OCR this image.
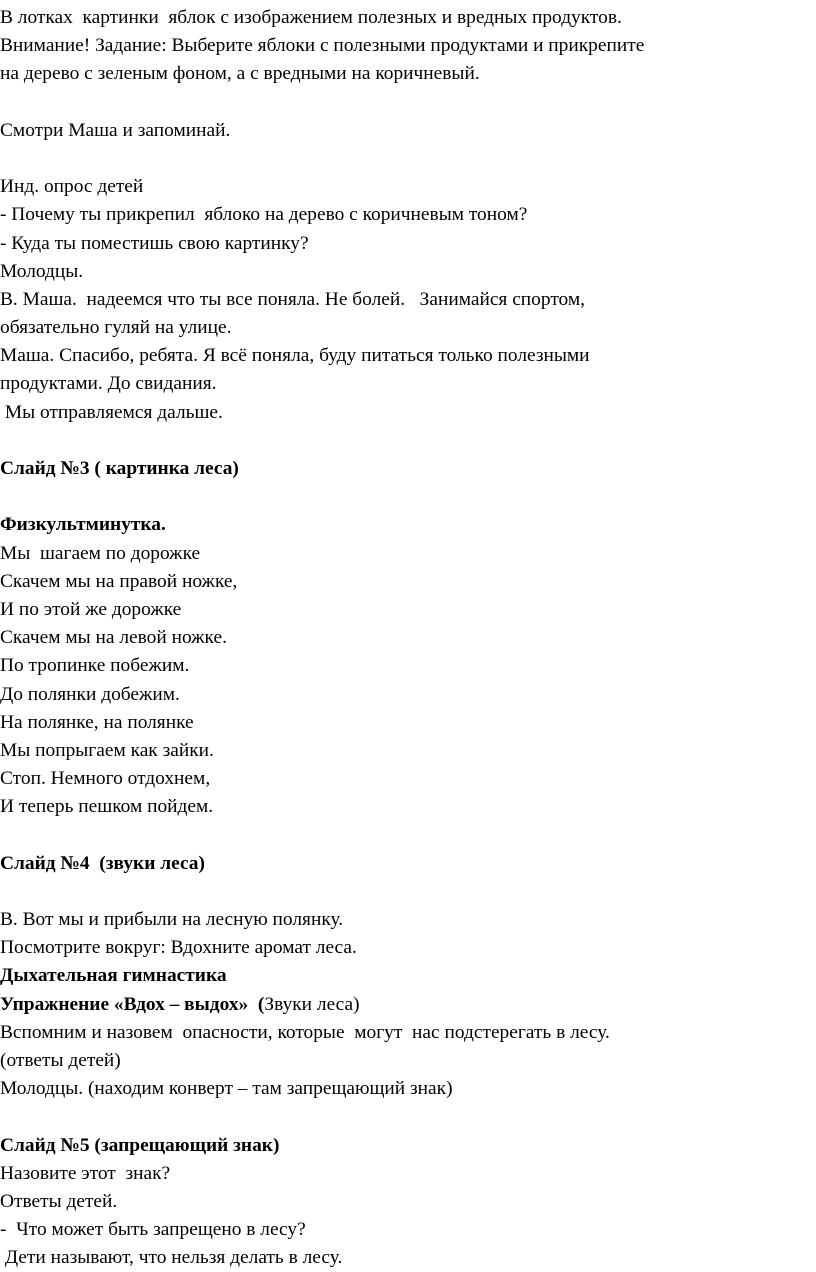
В лотках  картинки  яблок с изображением полезных и вредных продуктов.

Внимание! Задание: Выберите яблоки с полезными продуктами и прикрепите

на дерево с зеленым фоном, а с вредными на коричневый.

Смотри Маша и запоминай.

Инд. опрос детей

- Почему ты прикрепил  яблоко на дерево с коричневым тоном?

- Куда ты поместишь свою картинку?

Молодцы.

В. Маша.  надеемся что ты все поняла. Не болей.   Занимайся спортом,

обязательно гуляй на улице.

Маша. Спасибо, ребята. Я всё поняла, буду питаться только полезными

продуктами. До свидания.

Мы отправляемся дальше.

Слайд №3 ( картинка леса)

Физкультминутка.

Мы  шагаем по дорожке

Скачем мы на правой ножке,

И по этой же дорожке

Скачем мы на левой ножке.

По тропинке побежим.

До полянки добежим.

На полянке, на полянке

Мы попрыгаем как зайки.

Стоп. Немного отдохнем,

И теперь пешком пойдем.

Слайд №4  (звуки леса)

В. Вот мы и прибыли на лесную полянку.

Посмотрите вокруг: Вдохните аромат леса.

Дыхательная гимнастика

Упражнение «Вдох – выдох»  (Звуки леса)

Вспомним и назовем  опасности, которые  могут  нас подстерегать в лесу.

(ответы детей)

Молодцы. (находим конверт – там запрещающий знак)

Слайд №5 (запрещающий знак)

Назовите этот  знак?

Ответы детей.

-  Что может быть запрещено в лесу?

Дети называют, что нельзя делать в лесу.
